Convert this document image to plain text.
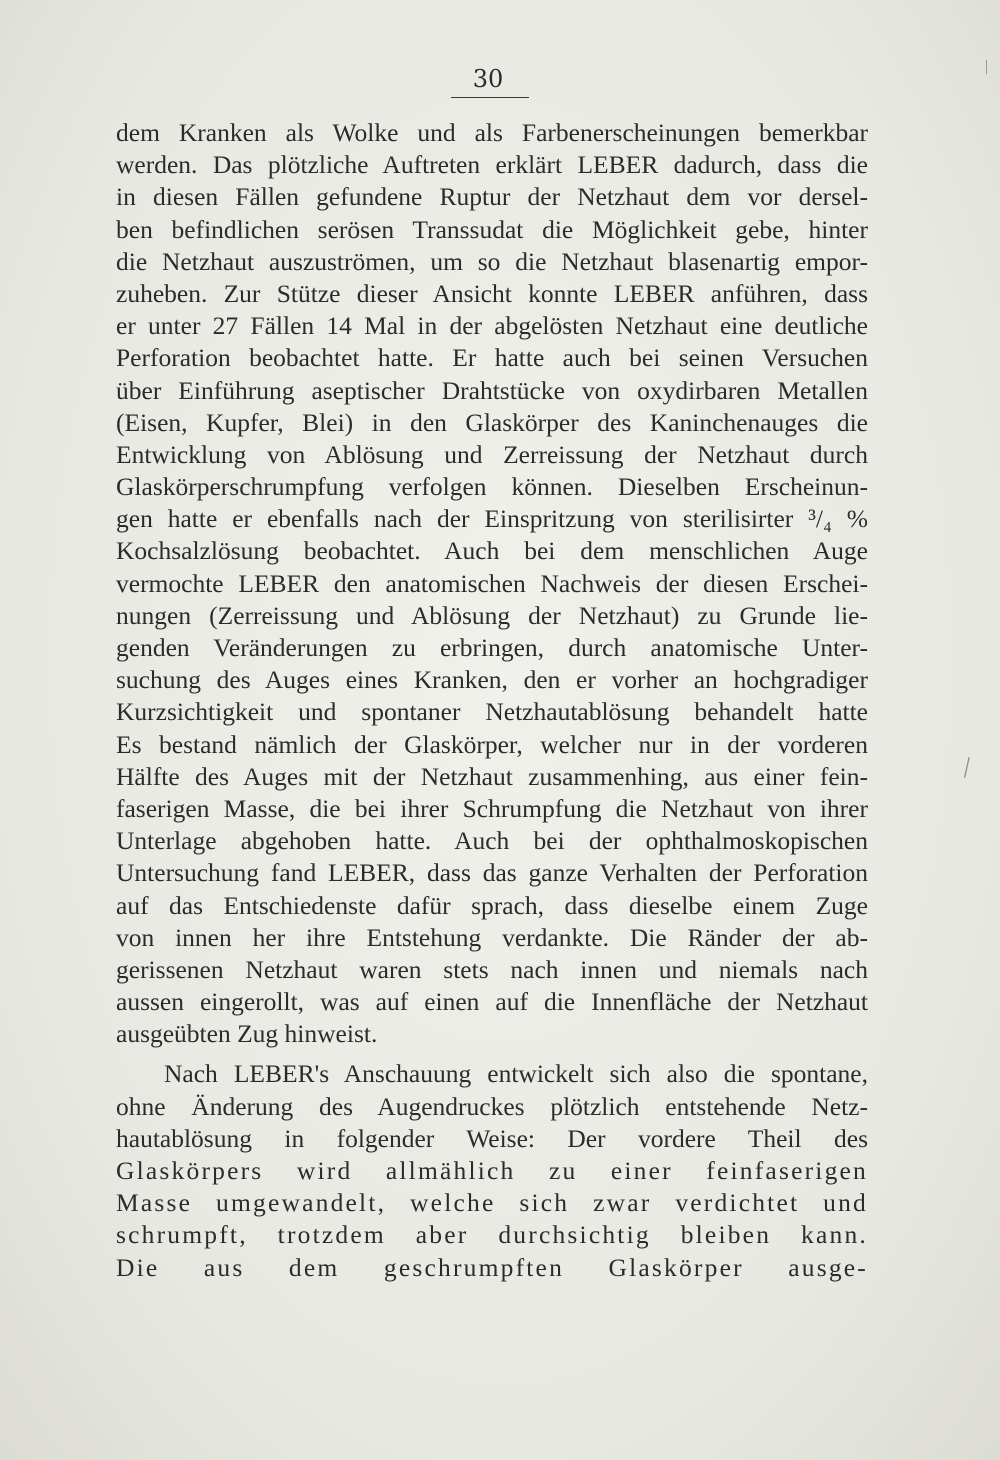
30
dem Kranken als Wolke und als Farbenerscheinungen bemerkbar
werden. Das plötzliche Auftreten erklärt LEBER dadurch, dass die
in diesen Fällen gefundene Ruptur der Netzhaut dem vor dersel-
ben befindlichen serösen Transsudat die Möglichkeit gebe, hinter
die Netzhaut auszuströmen, um so die Netzhaut blasenartig empor-
zuheben. Zur Stütze dieser Ansicht konnte LEBER anführen, dass
er unter 27 Fällen 14 Mal in der abgelösten Netzhaut eine deutliche
Perforation beobachtet hatte. Er hatte auch bei seinen Versuchen
über Einführung aseptischer Drahtstücke von oxydirbaren Metallen
(Eisen, Kupfer, Blei) in den Glaskörper des Kaninchenauges die
Entwicklung von Ablösung und Zerreissung der Netzhaut durch
Glaskörperschrumpfung verfolgen können. Dieselben Erscheinun-
gen hatte er ebenfalls nach der Einspritzung von sterilisirter ³/₄ %
Kochsalzlösung beobachtet. Auch bei dem menschlichen Auge
vermochte LEBER den anatomischen Nachweis der diesen Erschei-
nungen (Zerreissung und Ablösung der Netzhaut) zu Grunde lie-
genden Veränderungen zu erbringen, durch anatomische Unter-
suchung des Auges eines Kranken, den er vorher an hochgradiger
Kurzsichtigkeit und spontaner Netzhautablösung behandelt hatte
Es bestand nämlich der Glaskörper, welcher nur in der vorderen
Hälfte des Auges mit der Netzhaut zusammenhing, aus einer fein-
faserigen Masse, die bei ihrer Schrumpfung die Netzhaut von ihrer
Unterlage abgehoben hatte. Auch bei der ophthalmoskopischen
Untersuchung fand LEBER, dass das ganze Verhalten der Perforation
auf das Entschiedenste dafür sprach, dass dieselbe einem Zuge
von innen her ihre Entstehung verdankte. Die Ränder der ab-
gerissenen Netzhaut waren stets nach innen und niemals nach
aussen eingerollt, was auf einen auf die Innenfläche der Netzhaut
ausgeübten Zug hinweist.
Nach LEBER's Anschauung entwickelt sich also die spontane,
ohne Änderung des Augendruckes plötzlich entstehende Netz-
hautablösung in folgender Weise: Der vordere Theil des
Glaskörpers wird allmählich zu einer feinfaserigen
Masse umgewandelt, welche sich zwar verdichtet und
schrumpft, trotzdem aber durchsichtig bleiben kann.
Die aus dem geschrumpften Glaskörper ausge-
╲
